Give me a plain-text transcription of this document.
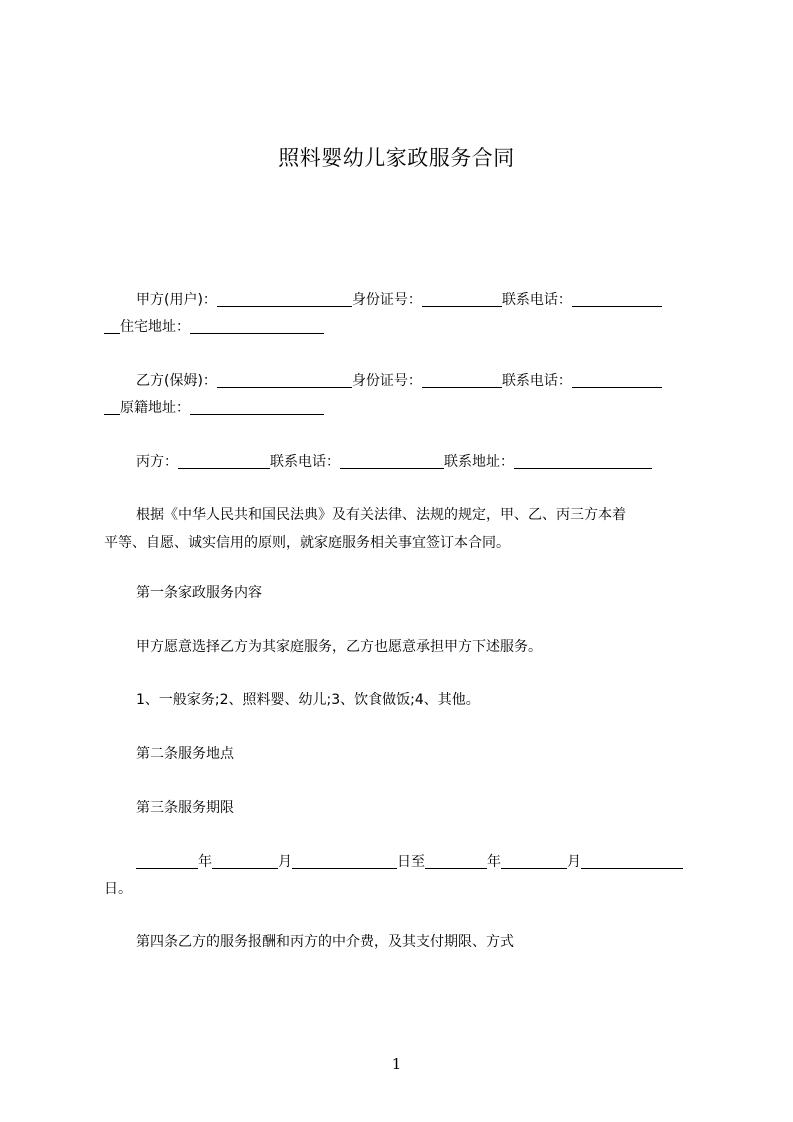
照料婴幼儿家政服务合同

甲方(用户)：	身份证号：	联系电话：

住宅地址：

乙方(保姆)：	身份证号：	联系电话：

原籍地址：

丙方：	联系电话：	联系地址：

根据《中华人民共和国民法典》及有关法律、法规的规定，甲、乙、丙三方本着

平等、自愿、诚实信用的原则，就家庭服务相关事宜签订本合同。

第一条家政服务内容

甲方愿意选择乙方为其家庭服务，乙方也愿意承担甲方下述服务。

1、一般家务;2、照料婴、幼儿;3、饮食做饭;4、其他。

第二条服务地点

第三条服务期限

年	月	日至	年	月

日。

第四条乙方的服务报酬和丙方的中介费，及其支付期限、方式

1
